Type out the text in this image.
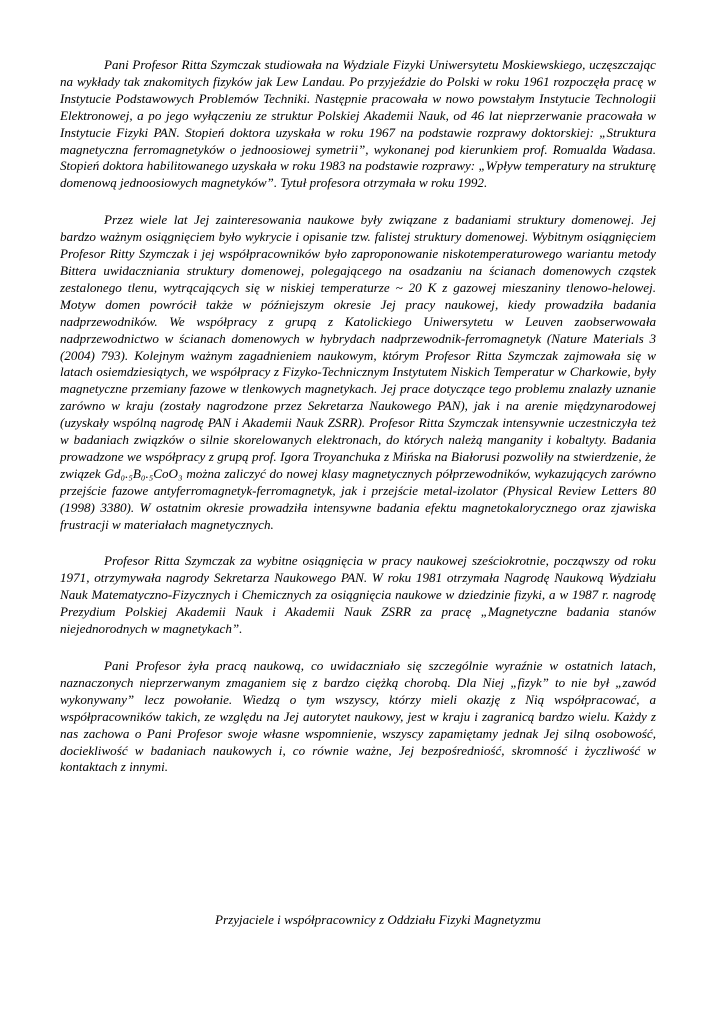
Pani Profesor Ritta Szymczak studiowała na Wydziale Fizyki Uniwersytetu Moskiewskiego, uczęszczając na wykłady tak znakomitych fizyków jak Lew Landau. Po przyjeździe do Polski w roku 1961 rozpoczęła pracę w Instytucie Podstawowych Problemów Techniki. Następnie pracowała w nowo powstałym Instytucie Technologii Elektronowej, a po jego wyłączeniu ze struktur Polskiej Akademii Nauk, od 46 lat nieprzerwanie pracowała w Instytucie Fizyki PAN. Stopień doktora uzyskała w roku 1967 na podstawie rozprawy doktorskiej: „Struktura magnetyczna ferromagnetyków o jednoosiowej symetrii”, wykonanej pod kierunkiem prof. Romualda Wadasa. Stopień doktora habilitowanego uzyskała w roku 1983 na podstawie rozprawy: „Wpływ temperatury na strukturę domenową jednoosiowych magnetyków”. Tytuł profesora otrzymała w roku 1992.

Przez wiele lat Jej zainteresowania naukowe były związane z badaniami struktury domenowej. Jej bardzo ważnym osiągnięciem było wykrycie i opisanie tzw. falistej struktury domenowej. Wybitnym osiągnięciem Profesor Ritty Szymczak i jej współpracowników było zaproponowanie niskotemperaturowego wariantu metody Bittera uwidaczniania struktury domenowej, polegającego na osadzaniu na ścianach domenowych cząstek zestalonego tlenu, wytrącających się w niskiej temperaturze ~ 20 K z gazowej mieszaniny tlenowo-helowej. Motyw domen powrócił także w późniejszym okresie Jej pracy naukowej, kiedy prowadziła badania nadprzewodników. We współpracy z grupą z Katolickiego Uniwersytetu w Leuven zaobserwowała nadprzewodnictwo w ścianach domenowych w hybrydach nadprzewodnik-ferromagnetyk (Nature Materials 3 (2004) 793). Kolejnym ważnym zagadnieniem naukowym, którym Profesor Ritta Szymczak zajmowała się w latach osiemdziesiątych, we współpracy z Fizyko-Technicznym Instytutem Niskich Temperatur w Charkowie, były magnetyczne przemiany fazowe w tlenkowych magnetykach. Jej prace dotyczące tego problemu znalazły uznanie zarówno w kraju (zostały nagrodzone przez Sekretarza Naukowego PAN), jak i na arenie międzynarodowej (uzyskały wspólną nagrodę PAN i Akademii Nauk ZSRR). Profesor Ritta Szymczak intensywnie uczestniczyła też w badaniach związków o silnie skorelowanych elektronach, do których należą manganity i kobaltyty. Badania prowadzone we współpracy z grupą prof. Igora Troyanchuka z Mińska na Białorusi pozwoliły na stwierdzenie, że związek Gd₀.₅B₀.₅CoO₃ można zaliczyć do nowej klasy magnetycznych półprzewodników, wykazujących zarówno przejście fazowe antyferromagnetyk-ferromagnetyk, jak i przejście metal-izolator (Physical Review Letters 80 (1998) 3380). W ostatnim okresie prowadziła intensywne badania efektu magnetokalorycznego oraz zjawiska frustracji w materiałach magnetycznych.

Profesor Ritta Szymczak za wybitne osiągnięcia w pracy naukowej sześciokrotnie, począwszy od roku 1971, otrzymywała nagrody Sekretarza Naukowego PAN. W roku 1981 otrzymała Nagrodę Naukową Wydziału Nauk Matematyczno-Fizycznych i Chemicznych za osiągnięcia naukowe w dziedzinie fizyki, a w 1987 r. nagrodę Prezydium Polskiej Akademii Nauk i Akademii Nauk ZSRR za pracę „Magnetyczne badania stanów niejednorodnych w magnetykach”.

Pani Profesor żyła pracą naukową, co uwidaczniało się szczególnie wyraźnie w ostatnich latach, naznaczonych nieprzerwanym zmaganiem się z bardzo ciężką chorobą. Dla Niej „fizyk” to nie był „zawód wykonywany” lecz powołanie. Wiedzą o tym wszyscy, którzy mieli okazję z Nią współpracować, a współpracowników takich, ze względu na Jej autorytet naukowy, jest w kraju i zagranicą bardzo wielu. Każdy z nas zachowa o Pani Profesor swoje własne wspomnienie, wszyscy zapamiętamy jednak Jej silną osobowość, dociekliwość w badaniach naukowych i, co równie ważne, Jej bezpośredniość, skromność i życzliwość w kontaktach z innymi.

Przyjaciele i współpracownicy z Oddziału Fizyki Magnetyzmu
